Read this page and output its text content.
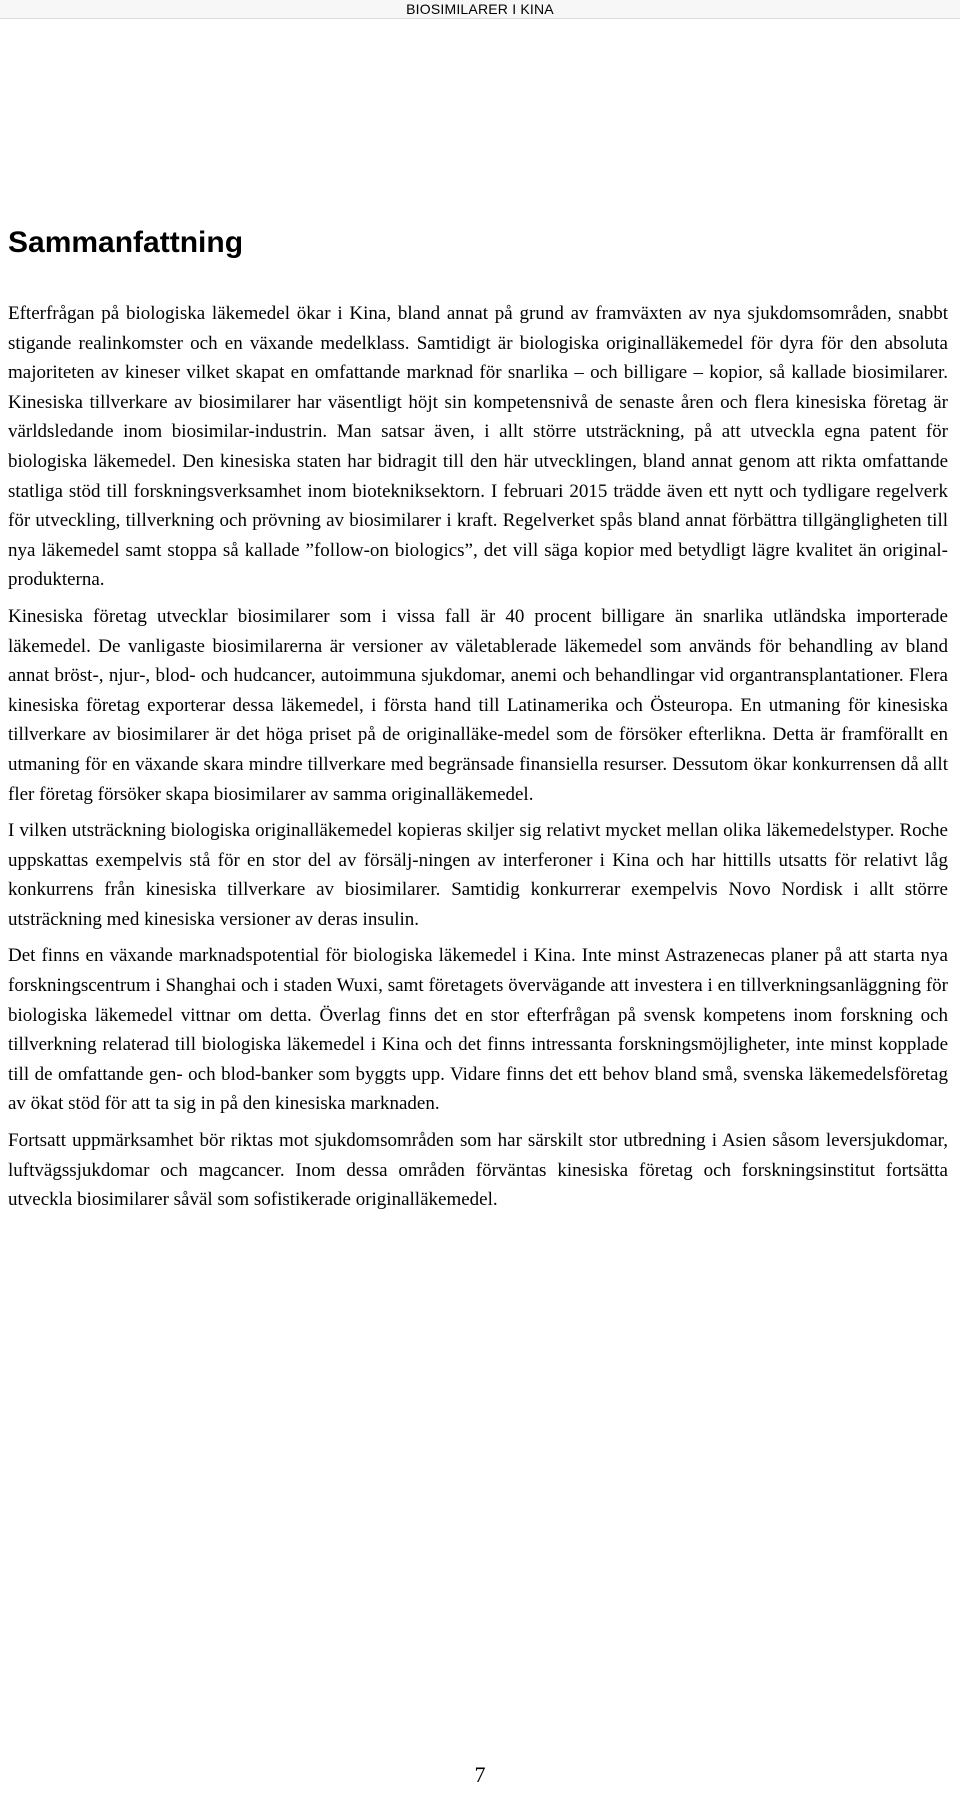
BIOSIMILARER I KINA
Sammanfattning

Efterfrågan på biologiska läkemedel ökar i Kina, bland annat på grund av framväxten av nya sjukdomsområden, snabbt stigande realinkomster och en växande medelklass. Samtidigt är biologiska originalläkemedel för dyra för den absoluta majoriteten av kineser vilket skapat en omfattande marknad för snarlika – och billigare – kopior, så kallade biosimilarer. Kinesiska tillverkare av biosimilarer har väsentligt höjt sin kompetensnivå de senaste åren och flera kinesiska företag är världsledande inom biosimilar-industrin. Man satsar även, i allt större utsträckning, på att utveckla egna patent för biologiska läkemedel. Den kinesiska staten har bidragit till den här utvecklingen, bland annat genom att rikta omfattande statliga stöd till forskningsverksamhet inom biotekniksektorn. I februari 2015 trädde även ett nytt och tydligare regelverk för utveckling, tillverkning och prövning av biosimilarer i kraft. Regelverket spås bland annat förbättra tillgängligheten till nya läkemedel samt stoppa så kallade ”follow-on biologics”, det vill säga kopior med betydligt lägre kvalitet än original-produkterna.

Kinesiska företag utvecklar biosimilarer som i vissa fall är 40 procent billigare än snarlika utländska importerade läkemedel. De vanligaste biosimilarerna är versioner av väletablerade läkemedel som används för behandling av bland annat bröst-, njur-, blod- och hudcancer, autoimmuna sjukdomar, anemi och behandlingar vid organtransplantationer. Flera kinesiska företag exporterar dessa läkemedel, i första hand till Latinamerika och Östeuropa. En utmaning för kinesiska tillverkare av biosimilarer är det höga priset på de originalläke-medel som de försöker efterlikna. Detta är framförallt en utmaning för en växande skara mindre tillverkare med begränsade finansiella resurser. Dessutom ökar konkurrensen då allt fler företag försöker skapa biosimilarer av samma originalläkemedel.

I vilken utsträckning biologiska originalläkemedel kopieras skiljer sig relativt mycket mellan olika läkemedelstyper. Roche uppskattas exempelvis stå för en stor del av försälj-ningen av interferoner i Kina och har hittills utsatts för relativt låg konkurrens från kinesiska tillverkare av biosimilarer. Samtidig konkurrerar exempelvis Novo Nordisk i allt större utsträckning med kinesiska versioner av deras insulin.

Det finns en växande marknadspotential för biologiska läkemedel i Kina. Inte minst Astrazenecas planer på att starta nya forskningscentrum i Shanghai och i staden Wuxi, samt företagets övervägande att investera i en tillverkningsanläggning för biologiska läkemedel vittnar om detta. Överlag finns det en stor efterfrågan på svensk kompetens inom forskning och tillverkning relaterad till biologiska läkemedel i Kina och det finns intressanta forskningsmöjligheter, inte minst kopplade till de omfattande gen- och blod-banker som byggts upp. Vidare finns det ett behov bland små, svenska läkemedelsföretag av ökat stöd för att ta sig in på den kinesiska marknaden.

Fortsatt uppmärksamhet bör riktas mot sjukdomsområden som har särskilt stor utbredning i Asien såsom leversjukdomar, luftvägssjukdomar och magcancer. Inom dessa områden förväntas kinesiska företag och forskningsinstitut fortsätta utveckla biosimilarer såväl som sofistikerade originalläkemedel.

7
